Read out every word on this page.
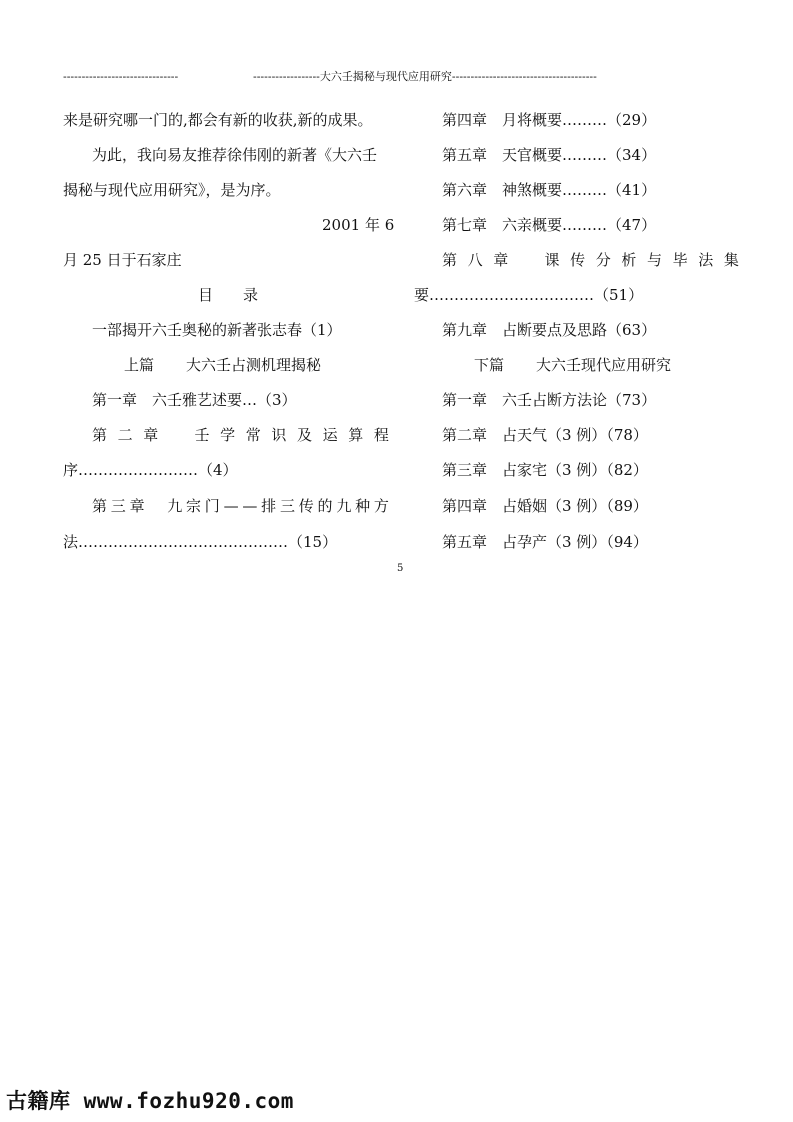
-------------------------------	------------------大六壬揭秘与现代应用研究---------------------------------------
来是研究哪一门的,都会有新的收获,新的成果。
为此，我向易友推荐徐伟刚的新著《大六壬
揭秘与现代应用研究》，是为序。
2001 年 6
月 25 日于石家庄
目 录
一部揭开六壬奥秘的新著张志春（1）
上篇 大六壬占测机理揭秘
第一章　六壬雅艺述要…（3）
第 二 章
　 壬 学 常 识 及 运 算 程
序……………………（4）
第 三 章
　 九 宗 门 — — 排 三 传 的 九 种 方
法……………………………………（15）
第四章　月将概要………（29）
第五章　天官概要………（34）
第六章　神煞概要………（41）
第七章　六亲概要………（47）
第 八 章
　 课 传 分 析 与 毕 法 集
要……………………………（51）
第九章　占断要点及思路（63）
下篇 大六壬现代应用研究
第一章　六壬占断方法论（73）
第二章　占天气（3 例）（78）
第三章　占家宅（3 例）（82）
第四章　占婚姻（3 例）（89）
第五章　占孕产（3 例）（94）
5
古籍库 www.fozhu920.com
